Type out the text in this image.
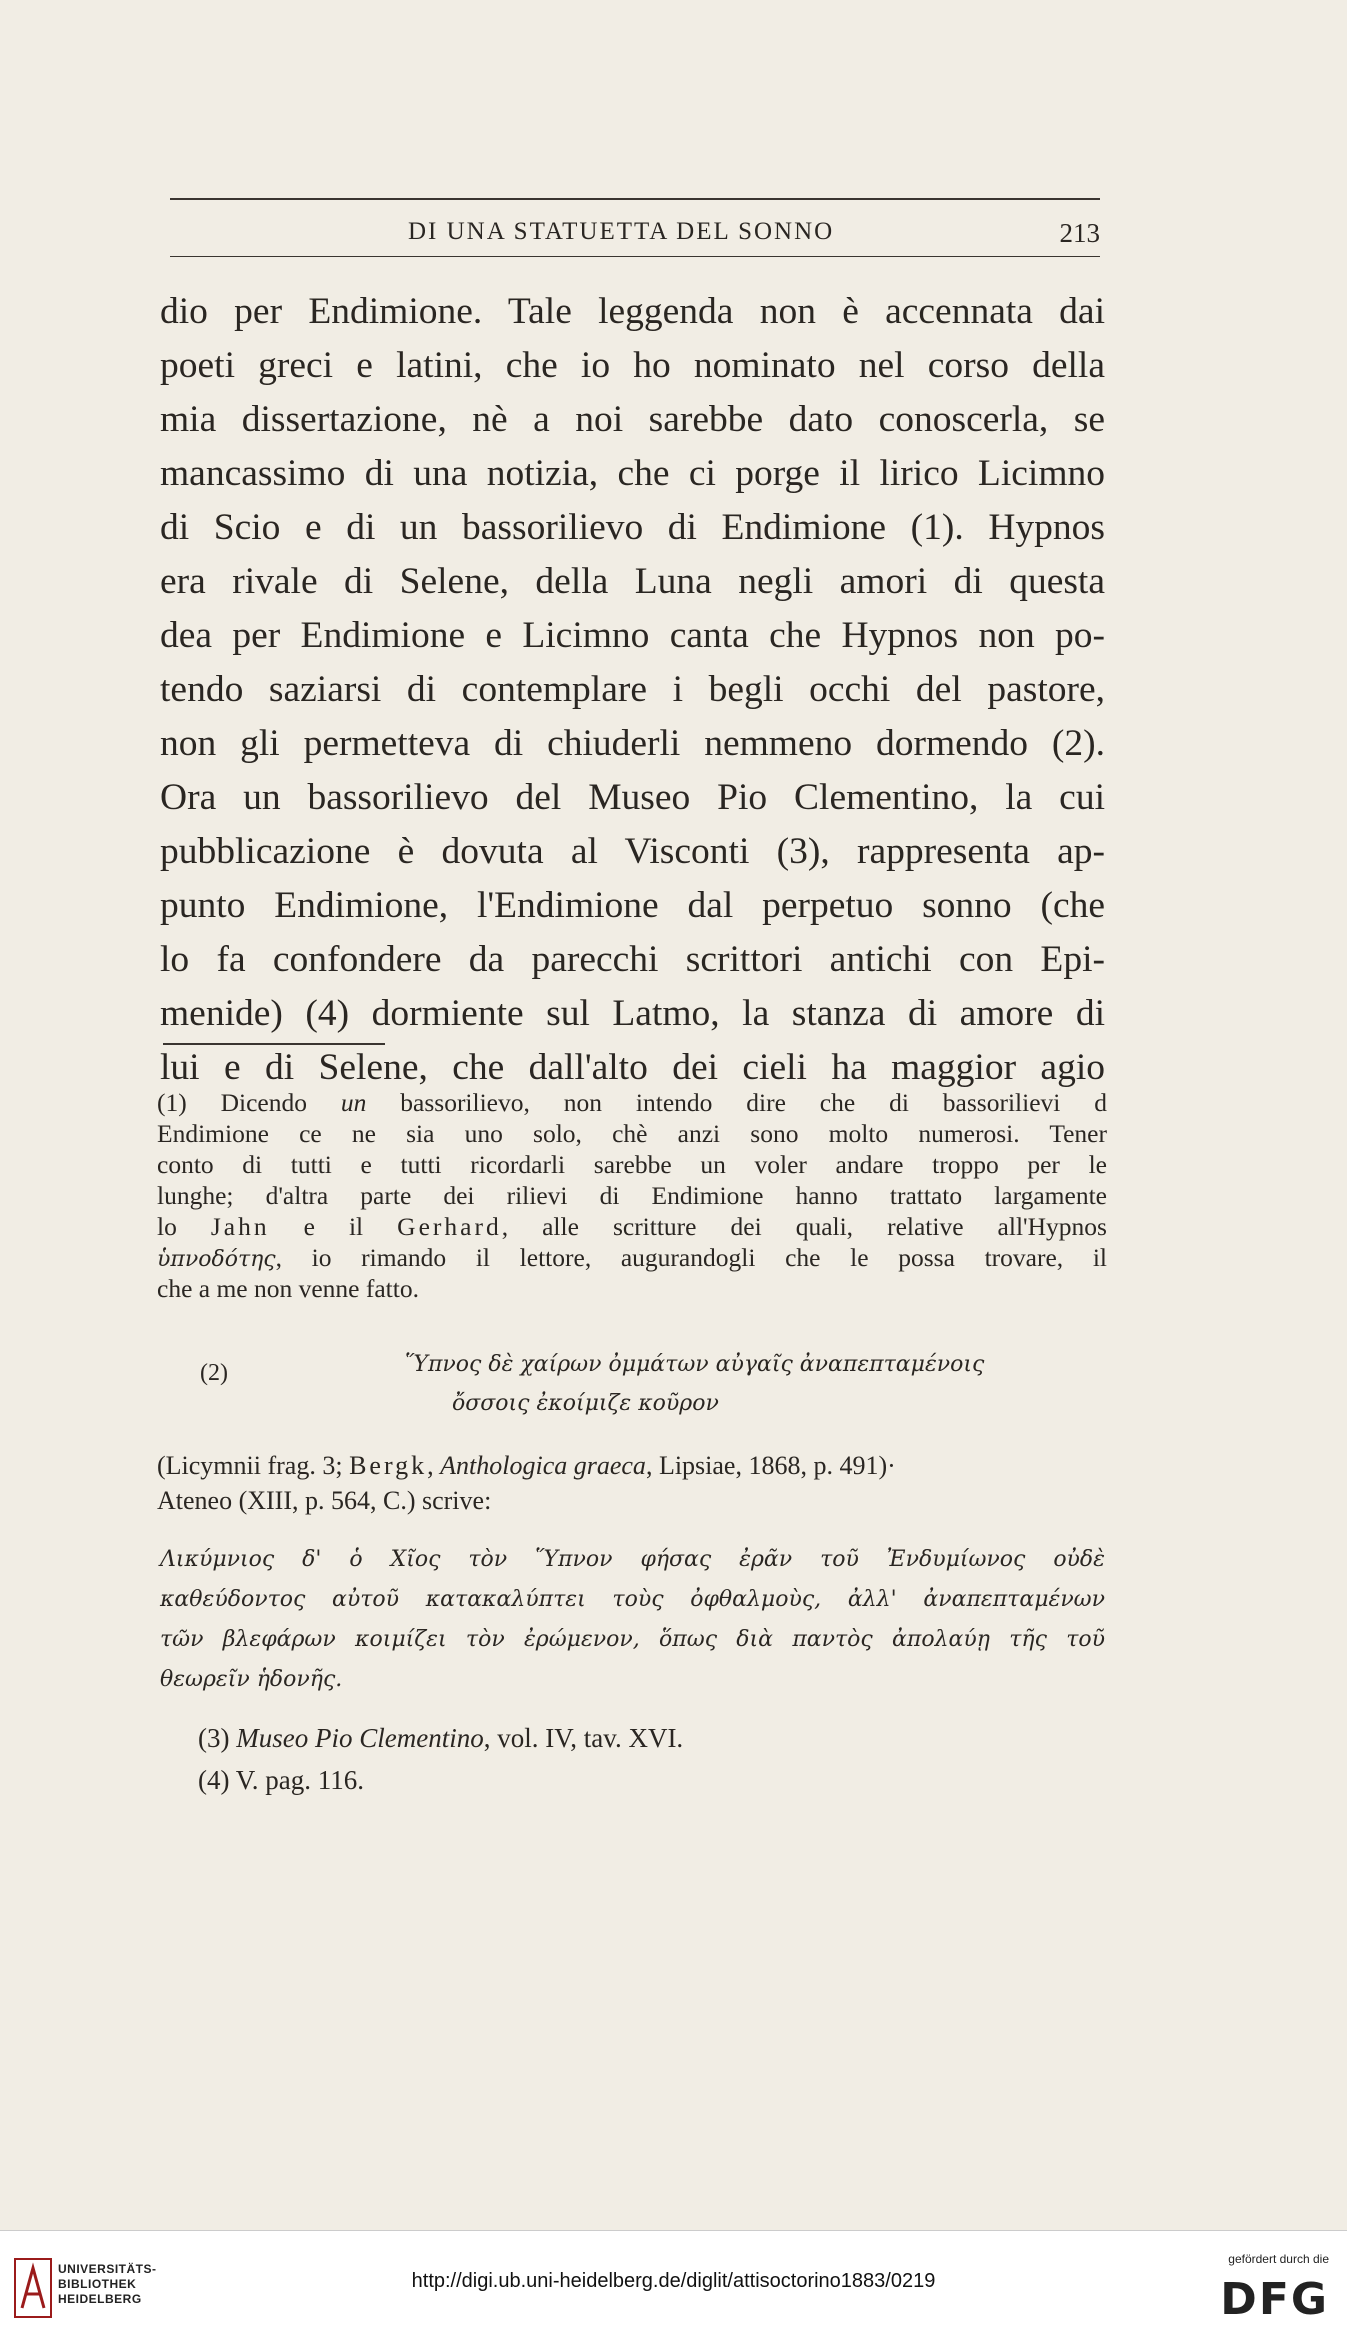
DI UNA STATUETTA DEL SONNO	213
dio per Endimione. Tale leggenda non è accennata dai
poeti greci e latini, che io ho nominato nel corso della
mia dissertazione, nè a noi sarebbe dato conoscerla, se
mancassimo di una notizia, che ci porge il lirico Licimno
di Scio e di un bassorilievo di Endimione (1). Hypnos
era rivale di Selene, della Luna negli amori di questa
dea per Endimione e Licimno canta che Hypnos non po-
tendo saziarsi di contemplare i begli occhi del pastore,
non gli permetteva di chiuderli nemmeno dormendo (2).
Ora un bassorilievo del Museo Pio Clementino, la cui
pubblicazione è dovuta al Visconti (3), rappresenta ap-
punto Endimione, l'Endimione dal perpetuo sonno (che
lo fa confondere da parecchi scrittori antichi con Epi-
menide) (4) dormiente sul Latmo, la stanza di amore di
lui e di Selene, che dall'alto dei cieli ha maggior agio
(1) Dicendo un bassorilievo, non intendo dire che di bassorilievi d
Endimione ce ne sia uno solo, chè anzi sono molto numerosi. Tener
conto di tutti e tutti ricordarli sarebbe un voler andare troppo per le
lunghe; d'altra parte dei rilievi di Endimione hanno trattato largamente
lo Jahn e il Gerhard, alle scritture dei quali, relative all'Hypnos
ὑπνοδότης, io rimando il lettore, augurandogli che le possa trovare, il
che a me non venne fatto.
(2)	Ὕπνος δὲ χαίρων ὀμμάτων αὐγαῖς ἀναπεπταμένοις
ὄσσοις ἐκοίμιζε κοῦρον
(Licymnii frag. 3; Bergk, Anthologica graeca, Lipsiae, 1868, p. 491)·
Ateneo (XIII, p. 564, C.) scrive:
Λικύμνιος δ' ὁ Χῖος τὸν Ὕπνον φήσας ἐρᾶν τοῦ Ἐνδυμίωνος οὐδὲ
καθεύδοντος αὐτοῦ κατακαλύπτει τοὺς ὀφθαλμοὺς, ἀλλ' ἀναπεπταμένων
τῶν βλεφάρων κοιμίζει τὸν ἐρώμενον, ὅπως διὰ παντὸς ἀπολαύῃ τῆς τοῦ
θεωρεῖν ἡδονῆς.
(3) Museo Pio Clementino, vol. IV, tav. XVI.
(4) V. pag. 116.
UNIVERSITÄTS-
BIBLIOTHEK
HEIDELBERG
http://digi.ub.uni-heidelberg.de/diglit/attisoctorino1883/0219
gefördert durch die
DFG
